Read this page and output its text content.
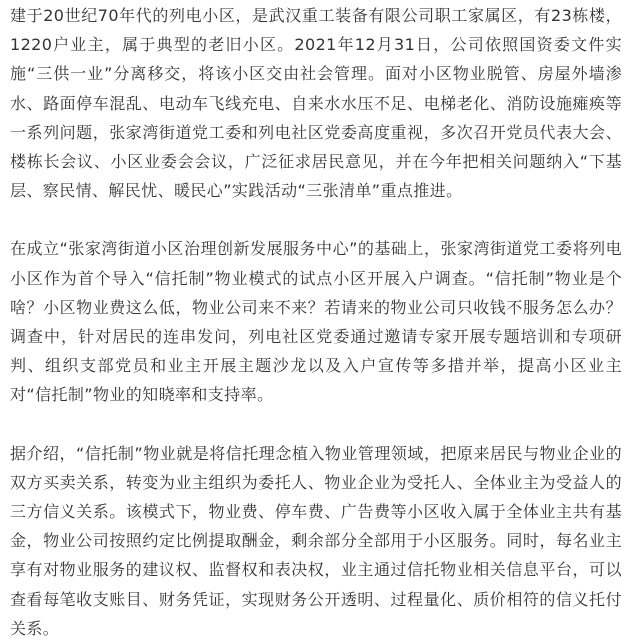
建于20世纪70年代的列电小区，是武汉重工装备有限公司职工家属区，有23栋楼，1220户业主，属于典型的老旧小区。2021年12月31日，公司依照国资委文件实施“三供一业”分离移交，将该小区交由社会管理。面对小区物业脱管、房屋外墙渗水、路面停车混乱、电动车飞线充电、自来水水压不足、电梯老化、消防设施瘫痪等一系列问题，张家湾街道党工委和列电社区党委高度重视，多次召开党员代表大会、楼栋长会议、小区业委会会议，广泛征求居民意见，并在今年把相关问题纳入“下基层、察民情、解民忧、暖民心”实践活动“三张清单”重点推进。

在成立“张家湾街道小区治理创新发展服务中心”的基础上，张家湾街道党工委将列电小区作为首个导入“信托制”物业模式的试点小区开展入户调查。“信托制”物业是个啥？小区物业费这么低，物业公司来不来？若请来的物业公司只收钱不服务怎么办？调查中，针对居民的连串发问，列电社区党委通过邀请专家开展专题培训和专项研判、组织支部党员和业主开展主题沙龙以及入户宣传等多措并举，提高小区业主对“信托制”物业的知晓率和支持率。

据介绍，“信托制”物业就是将信托理念植入物业管理领域，把原来居民与物业企业的双方买卖关系，转变为业主组织为委托人、物业企业为受托人、全体业主为受益人的三方信义关系。该模式下，物业费、停车费、广告费等小区收入属于全体业主共有基金，物业公司按照约定比例提取酬金，剩余部分全部用于小区服务。同时，每名业主享有对物业服务的建议权、监督权和表决权，业主通过信托物业相关信息平台，可以查看每笔收支账目、财务凭证，实现财务公开透明、过程量化、质价相符的信义托付关系。
